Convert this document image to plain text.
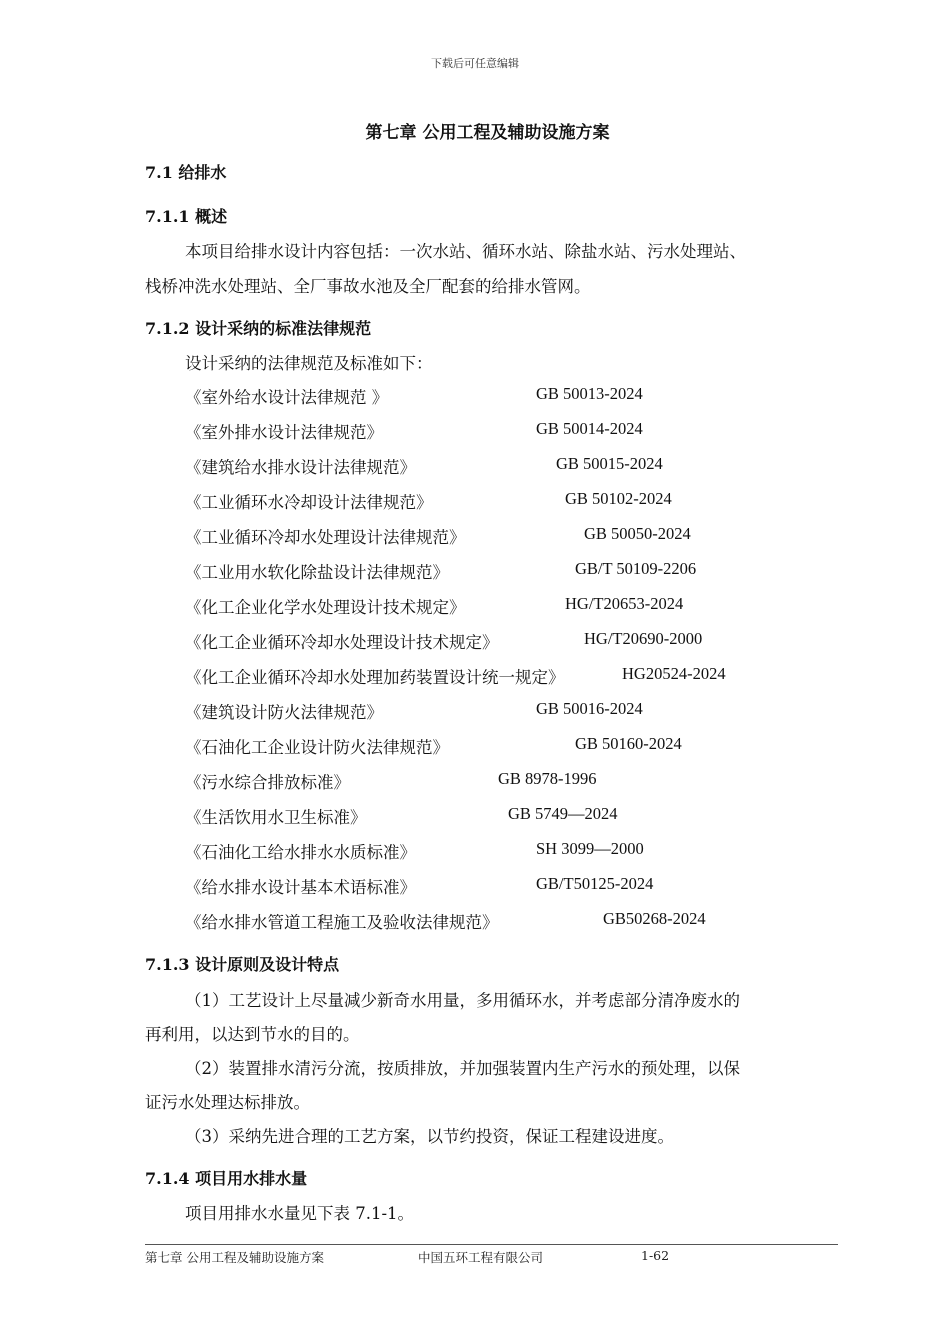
下载后可任意编辑
第七章 公用工程及辅助设施方案
7.1 给排水
7.1.1 概述
本项目给排水设计内容包括：一次水站、循环水站、除盐水站、污水处理站、
栈桥冲洗水处理站、全厂事故水池及全厂配套的给排水管网。
7.1.2 设计采纳的标准法律规范
设计采纳的法律规范及标准如下：
《室外给水设计法律规范 》	GB 50013-2024
《室外排水设计法律规范》	GB 50014-2024
《建筑给水排水设计法律规范》	GB 50015-2024
《工业循环水冷却设计法律规范》	GB 50102-2024
《工业循环冷却水处理设计法律规范》	GB 50050-2024
《工业用水软化除盐设计法律规范》	GB/T 50109-2206
《化工企业化学水处理设计技术规定》	HG/T20653-2024
《化工企业循环冷却水处理设计技术规定》	HG/T20690-2000
《化工企业循环冷却水处理加药装置设计统一规定》	HG20524-2024
《建筑设计防火法律规范》	GB 50016-2024
《石油化工企业设计防火法律规范》	GB 50160-2024
《污水综合排放标准》	GB 8978-1996
《生活饮用水卫生标准》	GB 5749—2024
《石油化工给水排水水质标准》	SH 3099—2000
《给水排水设计基本术语标准》	GB/T50125-2024
《给水排水管道工程施工及验收法律规范》	GB50268-2024
7.1.3 设计原则及设计特点
（1）工艺设计上尽量减少新奇水用量，多用循环水，并考虑部分清净废水的
再利用，以达到节水的目的。
（2）装置排水清污分流，按质排放，并加强装置内生产污水的预处理，以保
证污水处理达标排放。
（3）采纳先进合理的工艺方案，以节约投资，保证工程建设进度。
7.1.4 项目用水排水量
项目用排水水量见下表 7.1-1。
第七章 公用工程及辅助设施方案	中国五环工程有限公司	1-62
